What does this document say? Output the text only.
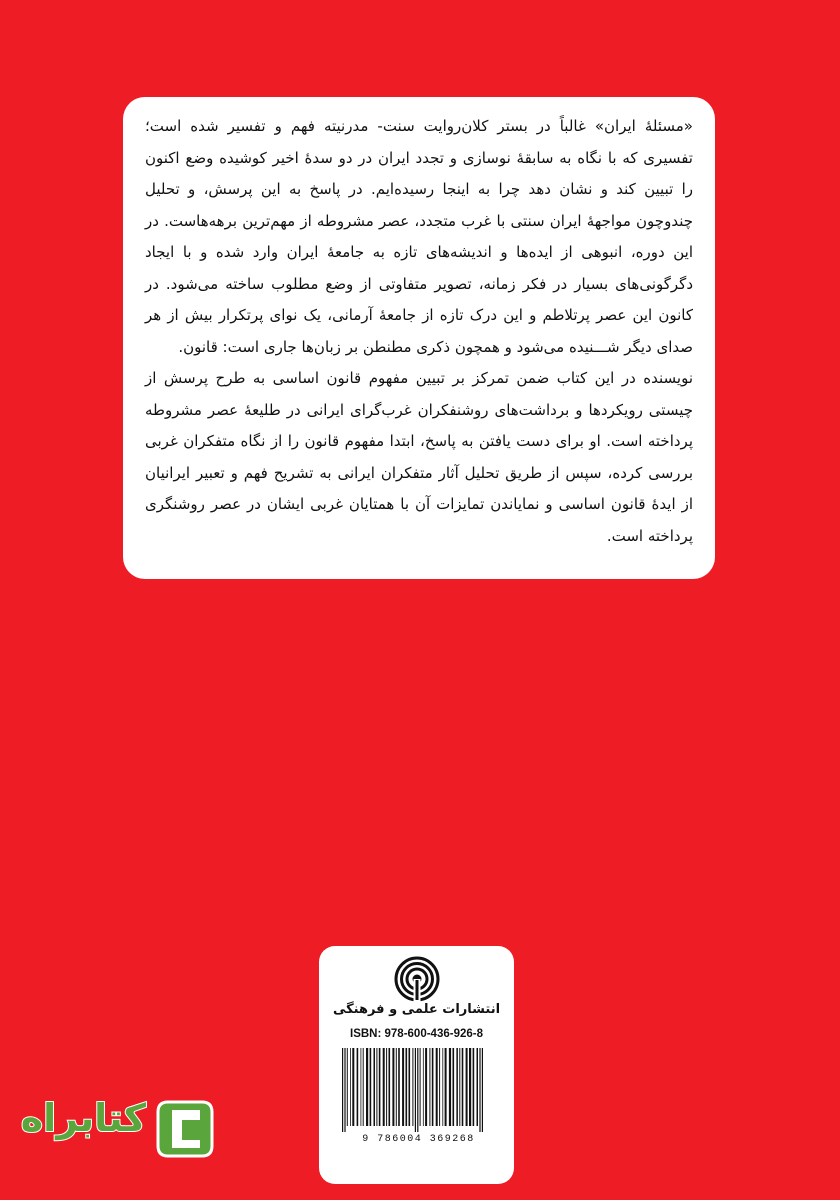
«مسئلهٔ ایران» غالباً در بستر کلان‌روایت سنت- مدرنیته فهم و تفسیر شده است؛ تفسیری که با نگاه به سابقهٔ نوسازی و تجدد ایران در دو سدهٔ اخیر کوشیده وضع اکنون را تبیین کند و نشان دهد چرا به اینجا رسیده‌ایم. در پاسخ به این پرسش، و تحلیل چندوچون مواجههٔ ایران سنتی با غرب متجدد، عصر مشروطه از مهم‌ترین برهه‌هاست. در این دوره، انبوهی از ایده‌ها و اندیشه‌های تازه به جامعهٔ ایران وارد شده و با ایجاد دگرگونی‌های بسیار در فکر زمانه، تصویر متفاوتی از وضع مطلوب ساخته می‌شود. در کانون این عصر پرتلاطم و این درک تازه از جامعهٔ آرمانی، یک نوای پرتکرار بیش از هر صدای دیگر شـــنیده می‌شود و همچون ذکری مطنطن بر زبان‌ها جاری است: قانون.

نویسنده در این کتاب ضمن تمرکز بر تبیین مفهوم قانون اساسی به طرح پرسش از چیستی رویکردها و برداشت‌های روشنفکران غرب‌گرای ایرانی در طلیعهٔ عصر مشروطه پرداخته است. او برای دست یافتن به پاسخ، ابتدا مفهوم قانون را از نگاه متفکران غربی بررسی کرده، سپس از طریق تحلیل آثار متفکران ایرانی به تشریح فهم و تعبیر ایرانیان از ایدهٔ قانون اساسی و نمایاندن تمایزات آن با همتایان غربی ایشان در عصر روشنگری پرداخته است.

انتشارات علمی و فرهنگی
ISBN: 978-600-436-926-8
9 786004 369268
کتابراه
